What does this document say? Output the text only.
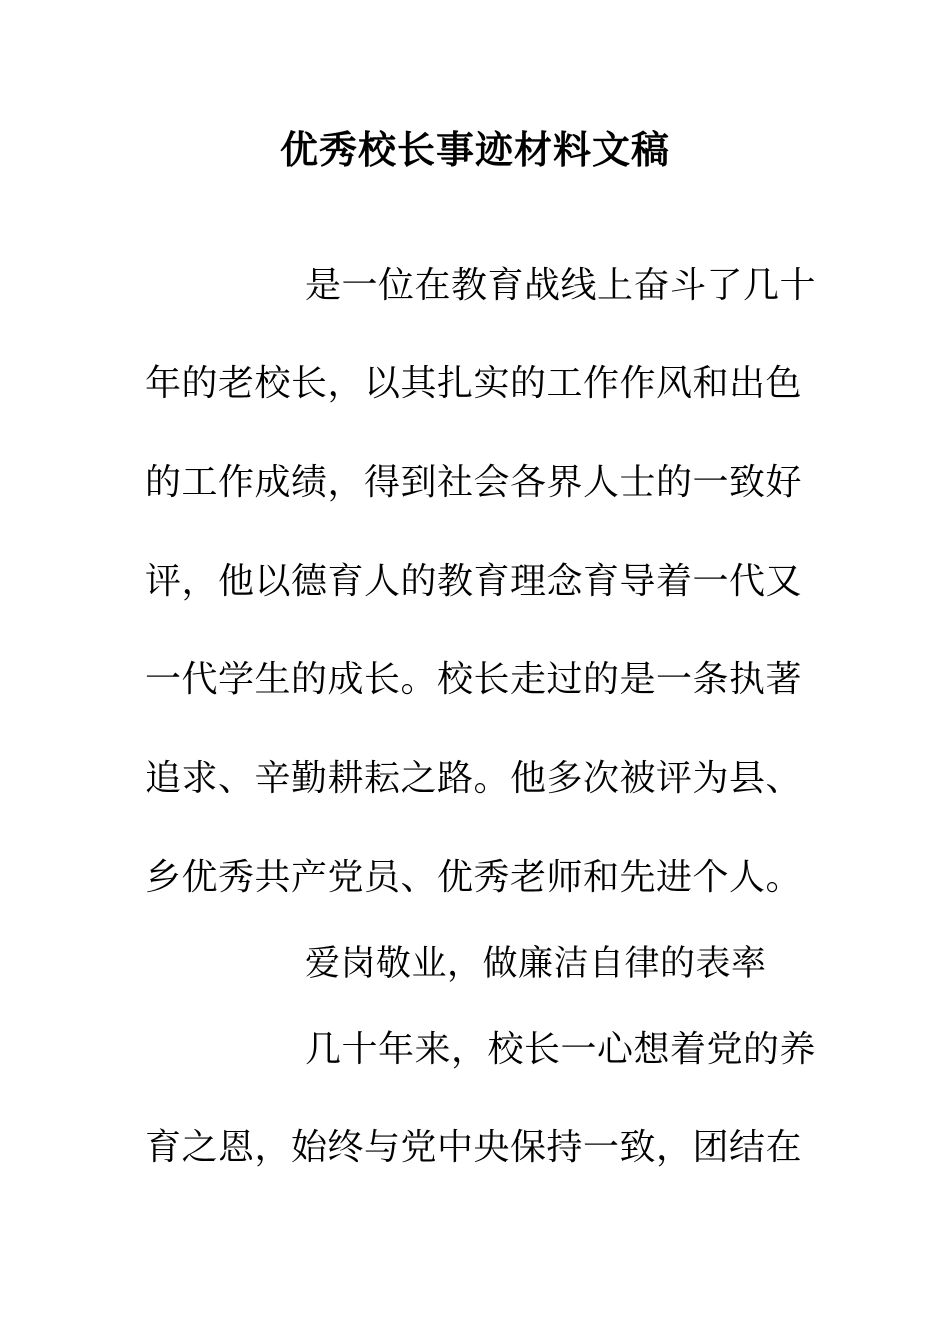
优秀校长事迹材料文稿
是一位在教育战线上奋斗了几十
年的老校长，以其扎实的工作作风和出色
的工作成绩，得到社会各界人士的一致好
评，他以德育人的教育理念育导着一代又
一代学生的成长。校长走过的是一条执著
追求、辛勤耕耘之路。他多次被评为县、
乡优秀共产党员、优秀老师和先进个人。
爱岗敬业，做廉洁自律的表率
几十年来，校长一心想着党的养
育之恩，始终与党中央保持一致，团结在
